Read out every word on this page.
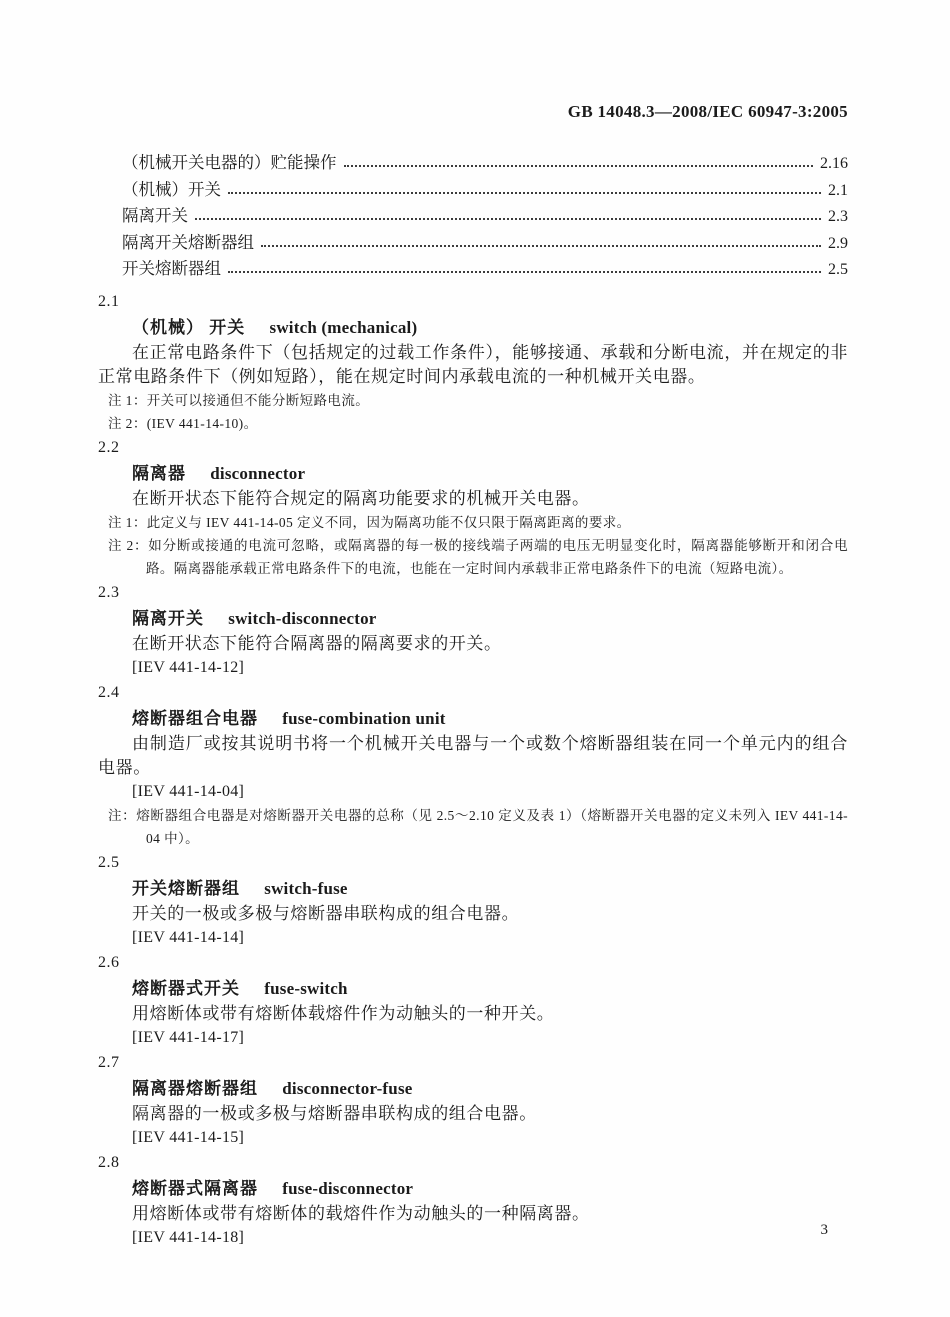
GB 14048.3—2008/IEC 60947-3:2005
（机械开关电器的）贮能操作	2.16
（机械）开关	2.1
隔离开关	2.3
隔离开关熔断器组	2.9
开关熔断器组	2.5
2.1
（机械） 开关 switch (mechanical)

在正常电路条件下（包括规定的过载工作条件），能够接通、承载和分断电流，并在规定的非正常电路条件下（例如短路），能在规定时间内承载电流的一种机械开关电器。

注 1：开关可以接通但不能分断短路电流。

注 2：(IEV 441-14-10)。

2.2
隔离器 disconnector

在断开状态下能符合规定的隔离功能要求的机械开关电器。

注 1：此定义与 IEV 441-14-05 定义不同，因为隔离功能不仅只限于隔离距离的要求。

注 2：如分断或接通的电流可忽略，或隔离器的每一极的接线端子两端的电压无明显变化时，隔离器能够断开和闭合电路。隔离器能承载正常电路条件下的电流，也能在一定时间内承载非正常电路条件下的电流（短路电流）。

2.3
隔离开关 switch-disconnector

在断开状态下能符合隔离器的隔离要求的开关。

[IEV 441-14-12]

2.4
熔断器组合电器 fuse-combination unit

由制造厂或按其说明书将一个机械开关电器与一个或数个熔断器组装在同一个单元内的组合电器。

[IEV 441-14-04]

注：熔断器组合电器是对熔断器开关电器的总称（见 2.5～2.10 定义及表 1）（熔断器开关电器的定义未列入 IEV 441-14-04 中）。

2.5
开关熔断器组 switch-fuse

开关的一极或多极与熔断器串联构成的组合电器。

[IEV 441-14-14]

2.6
熔断器式开关 fuse-switch

用熔断体或带有熔断体载熔件作为动触头的一种开关。

[IEV 441-14-17]

2.7
隔离器熔断器组 disconnector-fuse

隔离器的一极或多极与熔断器串联构成的组合电器。

[IEV 441-14-15]

2.8
熔断器式隔离器 fuse-disconnector

用熔断体或带有熔断体的载熔件作为动触头的一种隔离器。

[IEV 441-14-18]	3
